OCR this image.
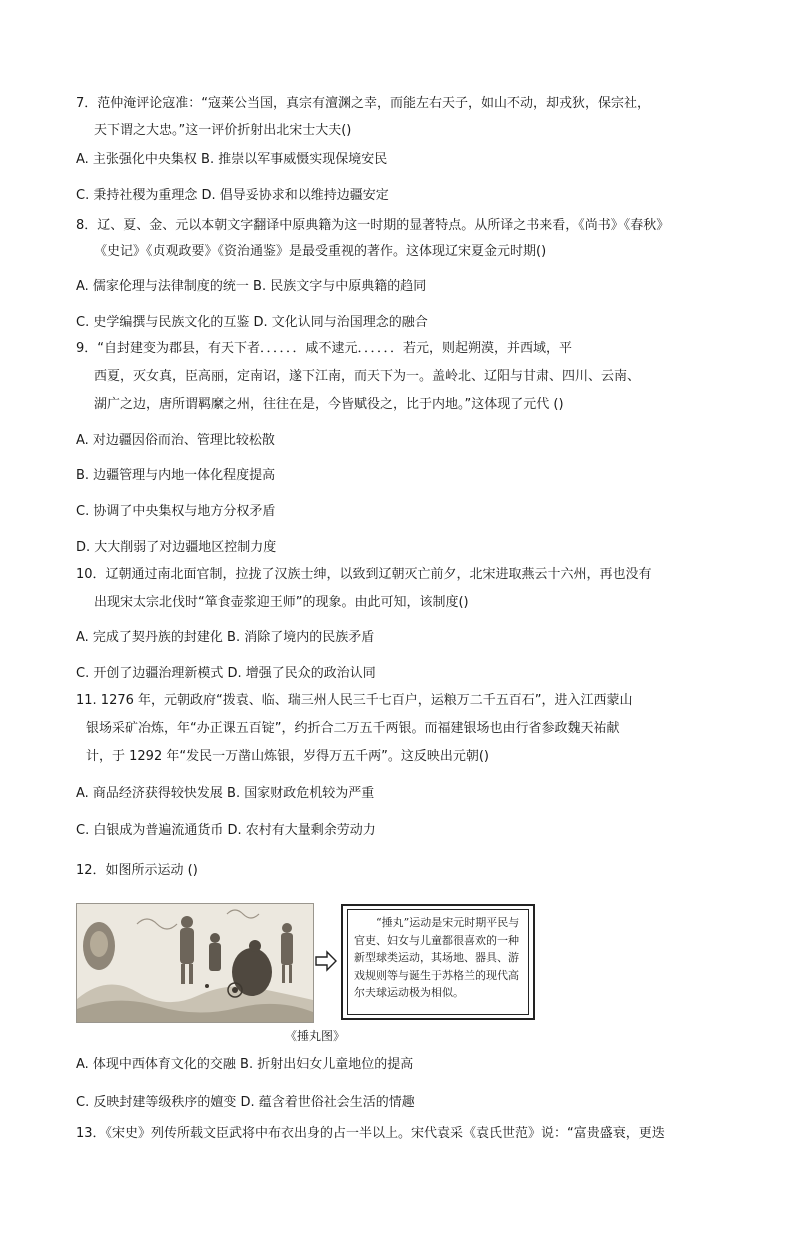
7．范仲淹评论寇准：“寇莱公当国，真宗有澶渊之幸，而能左右天子，如山不动，却戎狄，保宗社，
天下谓之大忠。”这一评价折射出北宋士大夫()
A. 主张强化中央集权 B. 推崇以军事威慑实现保境安民
C. 秉持社稷为重理念 D. 倡导妥协求和以维持边疆安定
8．辽、夏、金、元以本朝文字翻译中原典籍为这一时期的显著特点。从所译之书来看，《尚书》《春秋》
《史记》《贞观政要》《资治通鉴》是最受重视的著作。这体现辽宋夏金元时期()
A. 儒家伦理与法律制度的统一 B. 民族文字与中原典籍的趋同
C. 史学编撰与民族文化的互鉴 D. 文化认同与治国理念的融合
9．“自封建变为郡县，有天下者．．．．．．咸不逮元．．．．．．若元，则起朔漠，并西域，平
西夏，灭女真，臣高丽，定南诏，遂下江南，而天下为一。盖岭北、辽阳与甘肃、四川、云南、
湖广之边，唐所谓羁縻之州，往往在是，今皆赋役之，比于内地。”这体现了元代 ()
A. 对边疆因俗而治、管理比较松散
B. 边疆管理与内地一体化程度提高
C. 协调了中央集权与地方分权矛盾
D. 大大削弱了对边疆地区控制力度
10．辽朝通过南北面官制，拉拢了汉族士绅，以致到辽朝灭亡前夕，北宋进取燕云十六州，再也没有
出现宋太宗北伐时“箪食壶浆迎王师”的现象。由此可知，该制度()
A. 完成了契丹族的封建化 B. 消除了境内的民族矛盾
C. 开创了边疆治理新模式 D. 增强了民众的政治认同
11. 1276 年，元朝政府“拨袁、临、瑞三州人民三千七百户，运粮万二千五百石”，进入江西蒙山
银场采矿冶炼，年“办正课五百锭”，约折合二万五千两银。而福建银场也由行省参政魏天祐献
计，于 1292 年“发民一万凿山炼银，岁得万五千两”。这反映出元朝()
A. 商品经济获得较快发展 B. 国家财政危机较为严重
C. 白银成为普遍流通货币 D. 农村有大量剩余劳动力
12．如图所示运动 ()
“捶丸”运动是宋元时期平民与官吏、妇女与儿童都很喜欢的一种新型球类运动，其场地、器具、游戏规则等与诞生于苏格兰的现代高尔夫球运动极为相似。
《捶丸图》
A. 体现中西体育文化的交融 B. 折射出妇女儿童地位的提高
C. 反映封建等级秩序的嬗变 D. 蕴含着世俗社会生活的情趣
13．《宋史》列传所载文臣武将中布衣出身的占一半以上。宋代袁采《袁氏世范》说：“富贵盛衰，更迭
